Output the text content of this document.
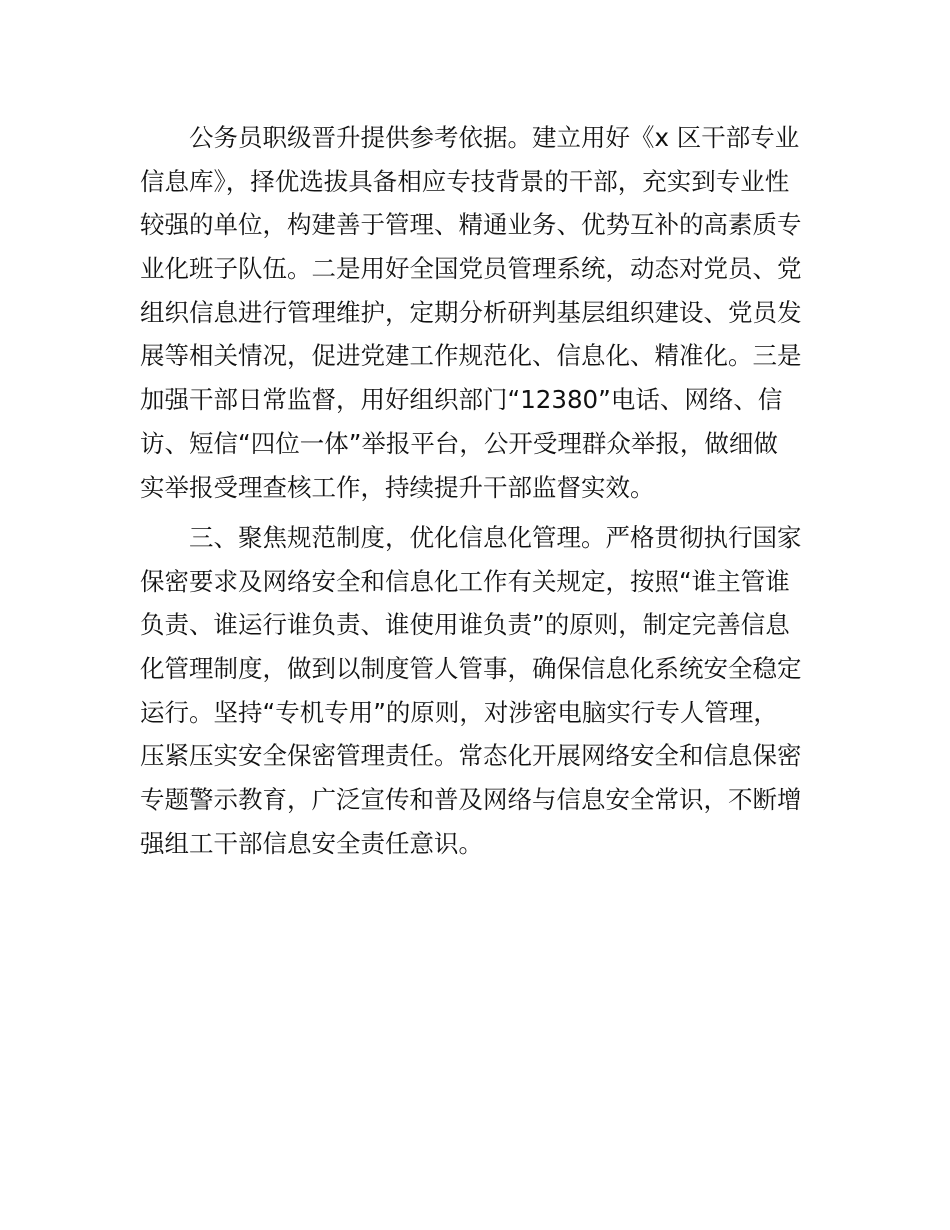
公务员职级晋升提供参考依据。建立用好《x 区干部专业
信息库》，择优选拔具备相应专技背景的干部，充实到专业性
较强的单位，构建善于管理、精通业务、优势互补的高素质专
业化班子队伍。二是用好全国党员管理系统，动态对党员、党
组织信息进行管理维护，定期分析研判基层组织建设、党员发
展等相关情况，促进党建工作规范化、信息化、精准化。三是
加强干部日常监督，用好组织部门“12380”电话、网络、信
访、短信“四位一体”举报平台，公开受理群众举报，做细做
实举报受理查核工作，持续提升干部监督实效。
三、聚焦规范制度，优化信息化管理。严格贯彻执行国家
保密要求及网络安全和信息化工作有关规定，按照“谁主管谁
负责、谁运行谁负责、谁使用谁负责”的原则，制定完善信息
化管理制度，做到以制度管人管事，确保信息化系统安全稳定
运行。坚持“专机专用”的原则，对涉密电脑实行专人管理，
压紧压实安全保密管理责任。常态化开展网络安全和信息保密
专题警示教育，广泛宣传和普及网络与信息安全常识，不断增
强组工干部信息安全责任意识。
